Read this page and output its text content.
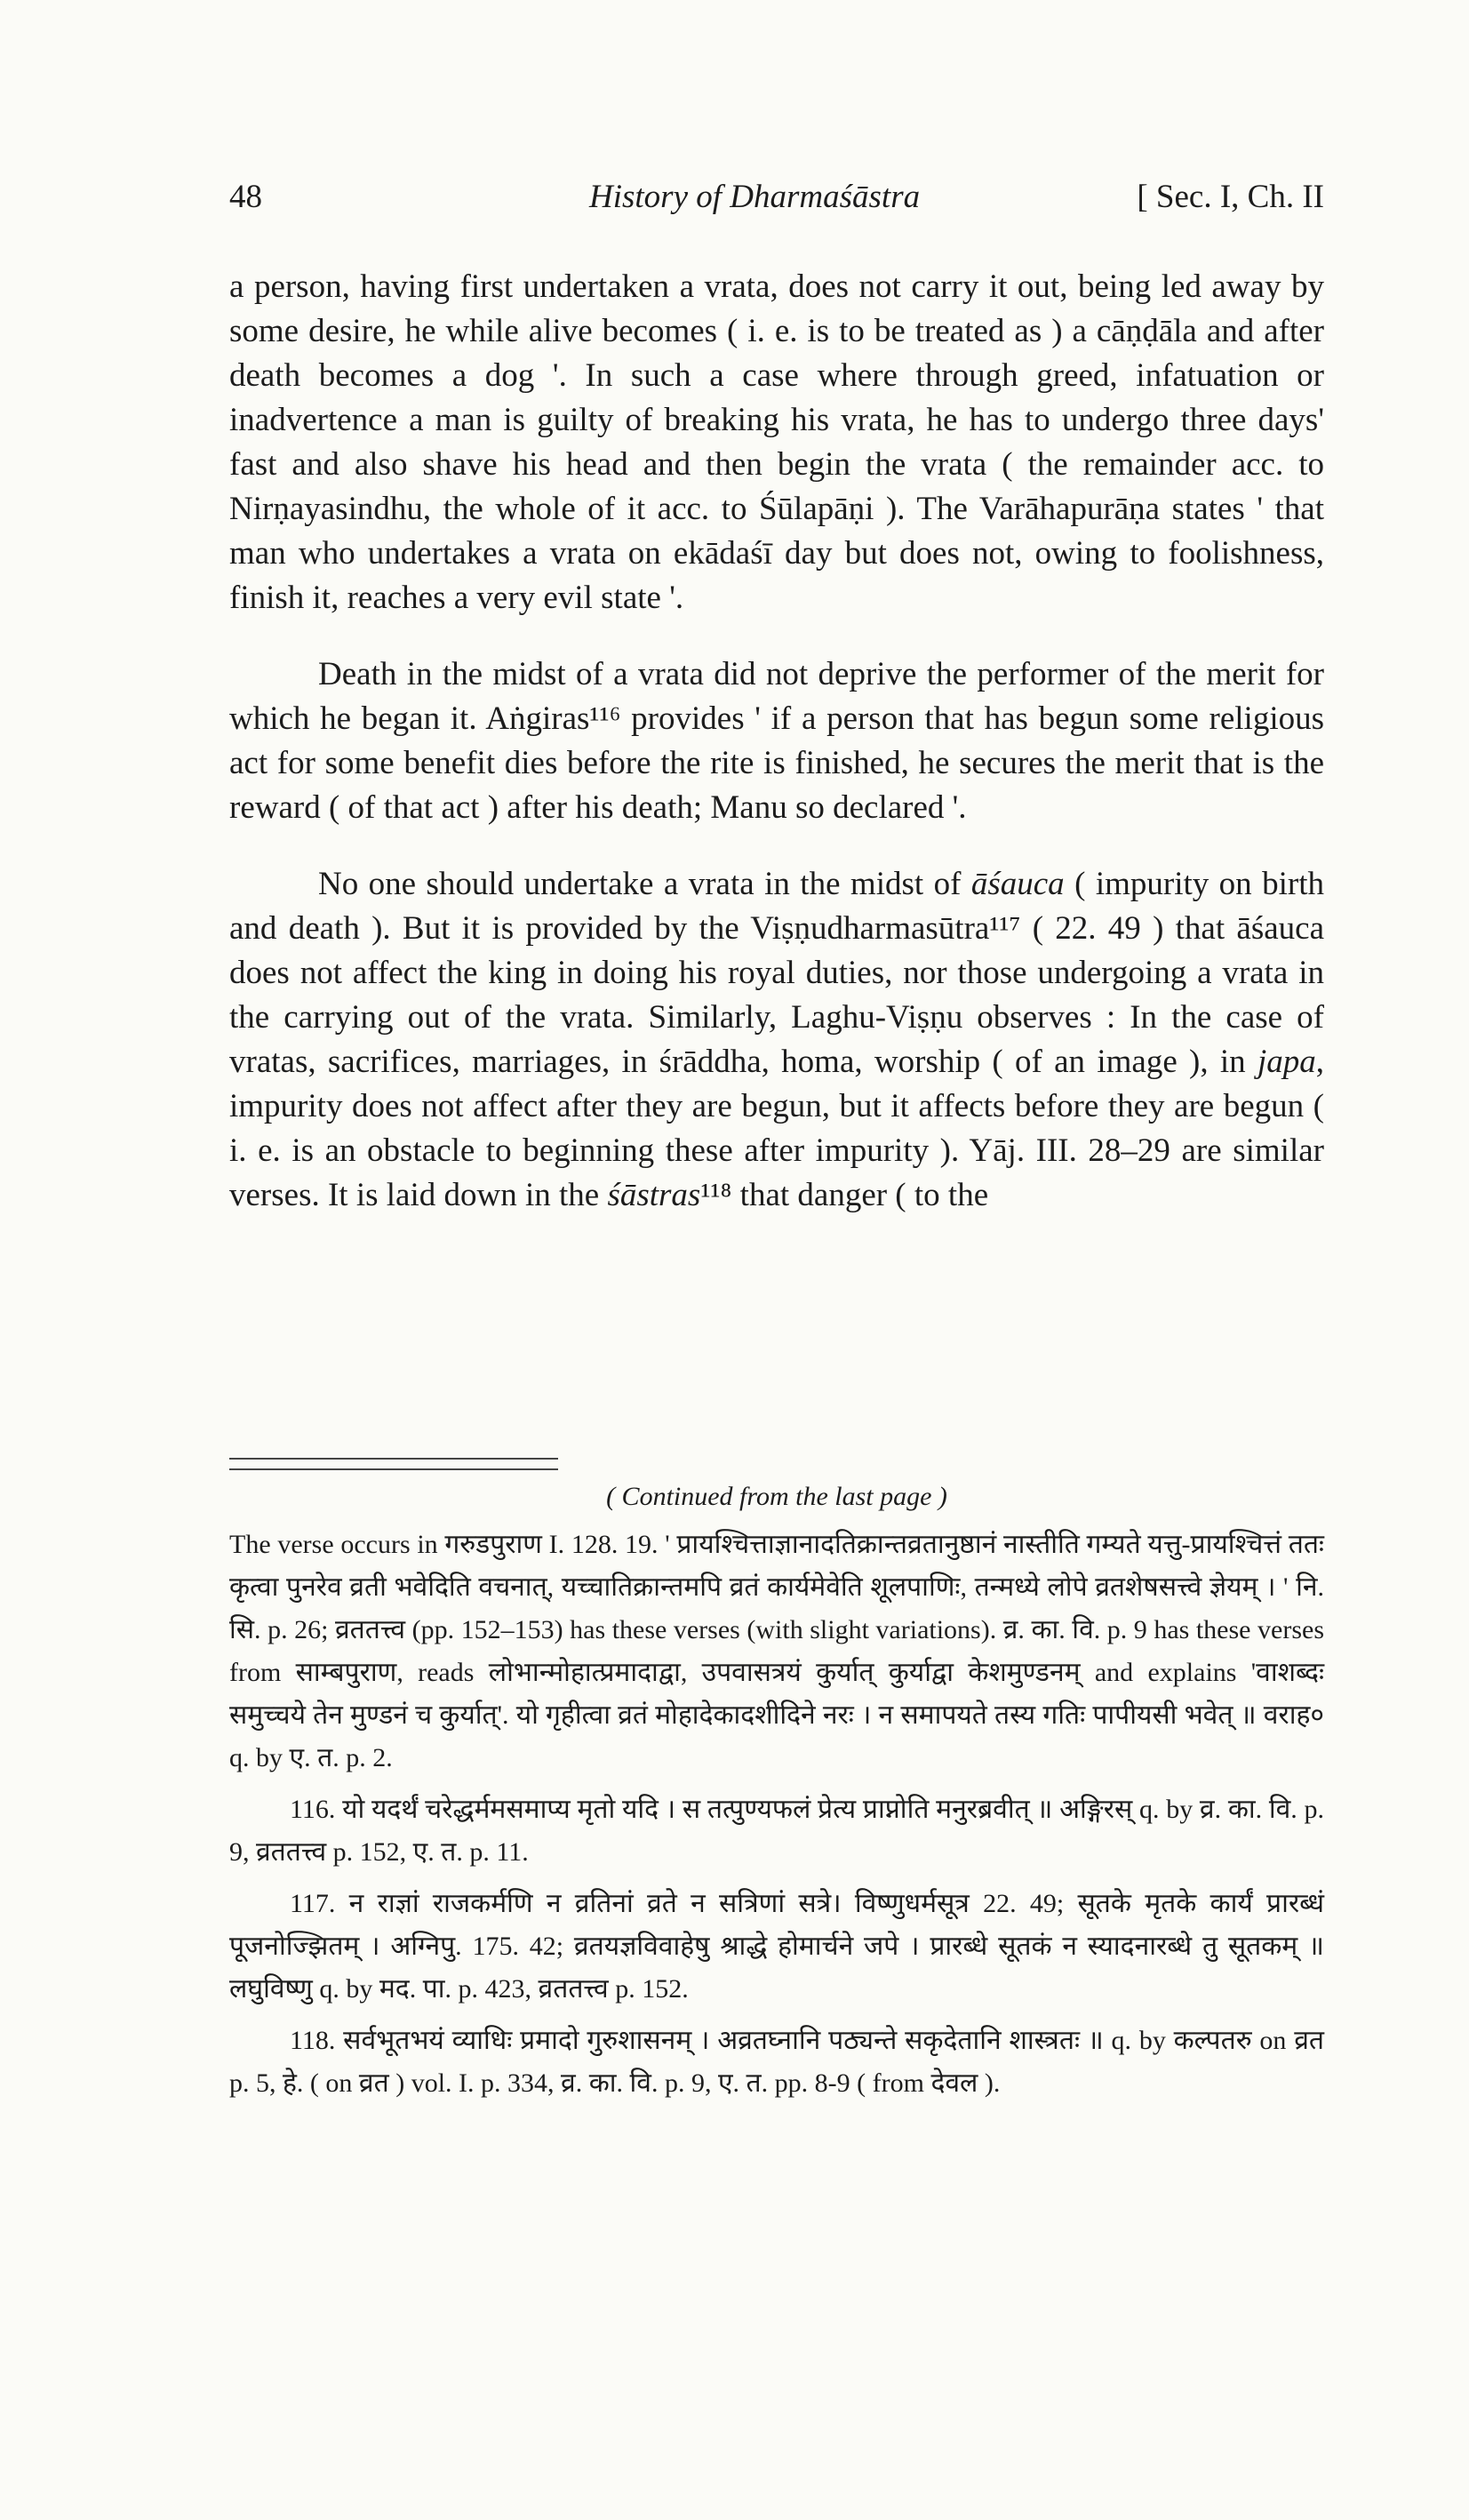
48	History of Dharmaśāstra	[ Sec. I, Ch. II

a person, having first undertaken a vrata, does not carry it out, being led away by some desire, he while alive becomes ( i. e. is to be treated as ) a cāṇḍāla and after death becomes a dog '. In such a case where through greed, infatuation or inadvertence a man is guilty of breaking his vrata, he has to undergo three days' fast and also shave his head and then begin the vrata ( the remainder acc. to Nirṇayasindhu, the whole of it acc. to Śūlapāṇi ). The Varāhapurāṇa states ' that man who undertakes a vrata on ekādaśī day but does not, owing to foolishness, finish it, reaches a very evil state '.

Death in the midst of a vrata did not deprive the performer of the merit for which he began it. Aṅgiras¹¹⁶ provides ' if a person that has begun some religious act for some benefit dies before the rite is finished, he secures the merit that is the reward ( of that act ) after his death; Manu so declared '.

No one should undertake a vrata in the midst of āśauca ( impurity on birth and death ). But it is provided by the Viṣṇudharmasūtra¹¹⁷ ( 22. 49 ) that āśauca does not affect the king in doing his royal duties, nor those undergoing a vrata in the carrying out of the vrata. Similarly, Laghu-Viṣṇu observes : In the case of vratas, sacrifices, marriages, in śrāddha, homa, worship ( of an image ), in japa, impurity does not affect after they are begun, but it affects before they are begun ( i. e. is an obstacle to beginning these after impurity ). Yāj. III. 28–29 are similar verses. It is laid down in the śāstras¹¹⁸ that danger ( to the

( Continued from the last page )

The verse occurs in गरुडपुराण I. 128. 19. ' प्रायश्चित्ताज्ञानादतिक्रान्तव्रतानुष्ठानं नास्तीति गम्यते यत्तु-प्रायश्चित्तं ततः कृत्वा पुनरेव व्रती भवेदिति वचनात्, यच्चातिक्रान्तमपि व्रतं कार्यमेवेति शूलपाणिः, तन्मध्ये लोपे व्रतशेषसत्त्वे ज्ञेयम् । ' नि. सि. p. 26; व्रततत्त्व (pp. 152–153) has these verses (with slight variations). व्र. का. वि. p. 9 has these verses from साम्बपुराण, reads लोभान्मोहात्प्रमादाद्वा, उपवासत्रयं कुर्यात् कुर्याद्वा केशमुण्डनम् and explains 'वाशब्दः समुच्चये तेन मुण्डनं च कुर्यात्'. यो गृहीत्वा व्रतं मोहादेकादशीदिने नरः । न समापयते तस्य गतिः पापीयसी भवेत् ॥ वराह० q. by ए. त. p. 2.

116. यो यदर्थं चरेद्धर्ममसमाप्य मृतो यदि । स तत्पुण्यफलं प्रेत्य प्राप्नोति मनुरब्रवीत् ॥ अङ्गिरस् q. by व्र. का. वि. p. 9, व्रततत्त्व p. 152, ए. त. p. 11.

117. न राज्ञां राजकर्मणि न व्रतिनां व्रते न सत्रिणां सत्रे। विष्णुधर्मसूत्र 22. 49; सूतके मृतके कार्यं प्रारब्धं पूजनोज्झितम् । अग्निपु. 175. 42; व्रतयज्ञविवाहेषु श्राद्धे होमार्चने जपे । प्रारब्धे सूतकं न स्यादनारब्धे तु सूतकम् ॥ लघुविष्णु q. by मद. पा. p. 423, व्रततत्त्व p. 152.

118. सर्वभूतभयं व्याधिः प्रमादो गुरुशासनम् । अव्रतघ्नानि पठ्यन्ते सकृदेतानि शास्त्रतः ॥ q. by कल्पतरु on व्रत p. 5, हे. ( on व्रत ) vol. I. p. 334, व्र. का. वि. p. 9, ए. त. pp. 8-9 ( from देवल ).
